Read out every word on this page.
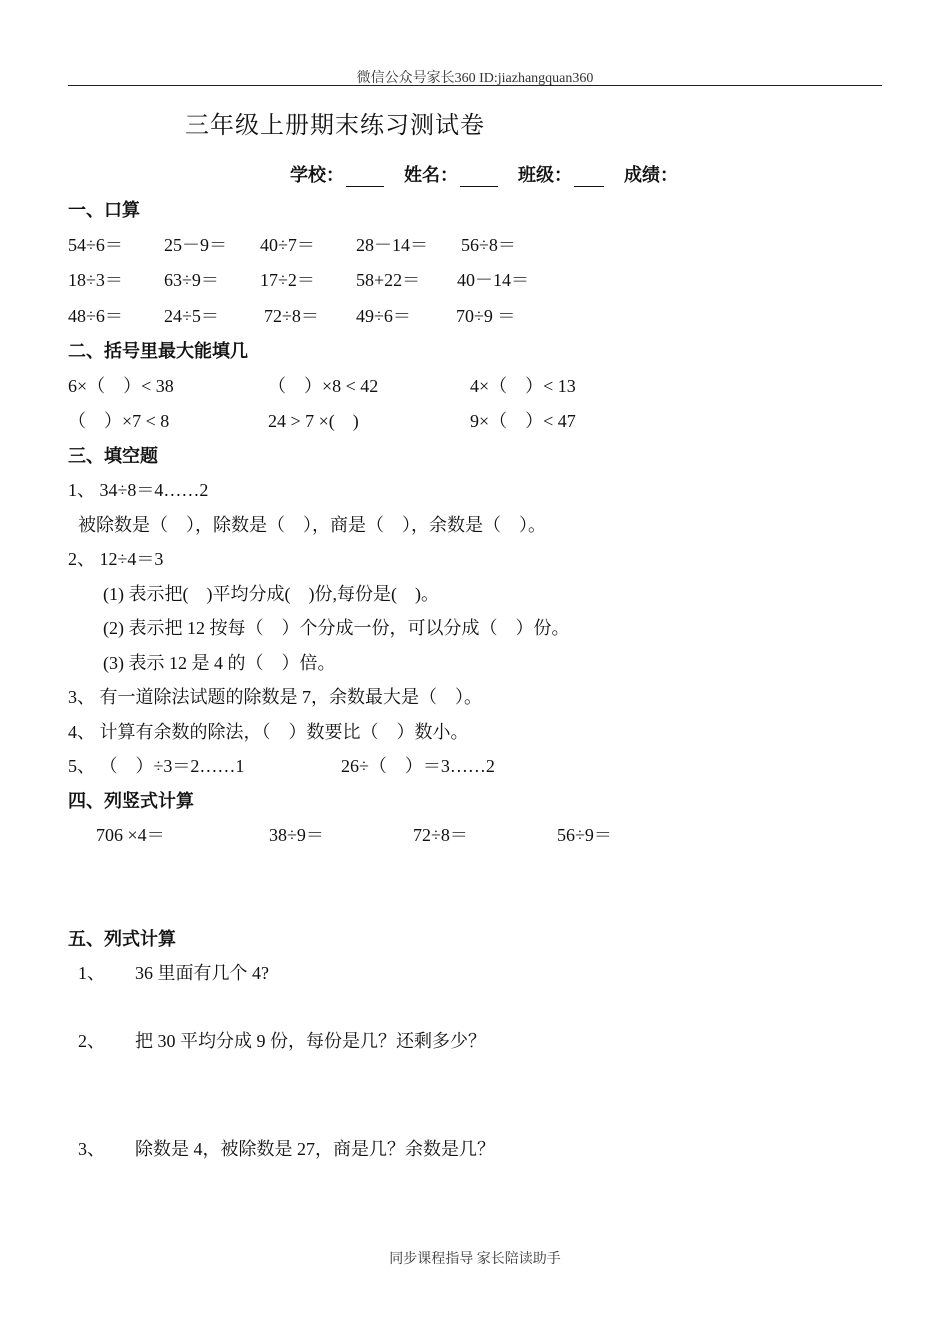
微信公众号家长360 ID:jiazhangquan360
三年级上册期末练习测试卷
学校：　	姓名：　	班级：　	成绩：
一、口算
54÷6＝ 25－9＝ 40÷7＝ 28－14＝ 56÷8＝
18÷3＝ 63÷9＝ 17÷2＝ 58+22＝ 40－14＝
48÷6＝ 24÷5＝	72÷8＝ 49÷6＝	70÷9 ＝
二、括号里最大能填几
6×（　）< 38	（　）×8 < 42	4×（　）< 13
（　）×7 < 8	24 > 7 ×(　)	9×（　）< 47
三、填空题
1、 34÷8＝4……2
被除数是（　），除数是（　），商是（　），余数是（　）。
2、 12÷4＝3
(1) 表示把(　)平均分成(　)份,每份是(　)。
(2) 表示把 12 按每（　）个分成一份，可以分成（　）份。
(3) 表示 12 是 4 的（　）倍。
3、 有一道除法试题的除数是 7，余数最大是（　）。
4、 计算有余数的除法，（　）数要比（　）数小。
5、 （　）÷3＝2……1	26÷（　）＝3……2
四、列竖式计算
706 ×4＝	38÷9＝	72÷8＝	56÷9＝
五、列式计算
1、 36 里面有几个 4?
2、 把 30 平均分成 9 份，每份是几？还剩多少？
3、 除数是 4，被除数是 27，商是几？余数是几？
同步课程指导 家长陪读助手
